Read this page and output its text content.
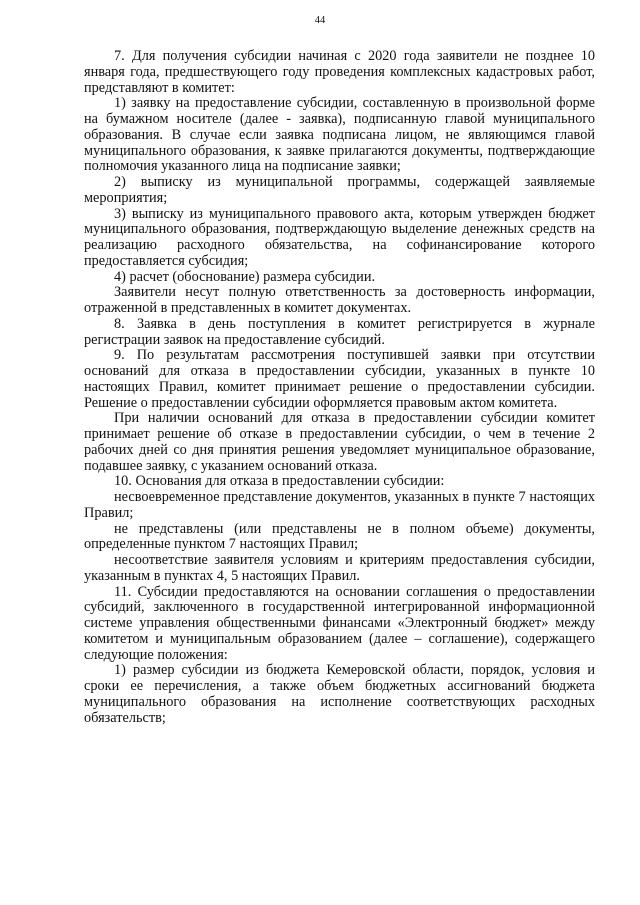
44

7. Для получения субсидии начиная с 2020 года заявители не позднее 10 января года, предшествующего году проведения комплексных кадастровых работ, представляют в комитет:

1) заявку на предоставление субсидии, составленную в произвольной форме на бумажном носителе (далее - заявка), подписанную главой муниципального образования. В случае если заявка подписана лицом, не являющимся главой муниципального образования, к заявке прилагаются документы, подтверждающие полномочия указанного лица на подписание заявки;

2) выписку из муниципальной программы, содержащей заявляемые мероприятия;

3) выписку из муниципального правового акта, которым утвержден бюджет муниципального образования, подтверждающую выделение денежных средств на реализацию расходного обязательства, на софинансирование которого предоставляется субсидия;

4) расчет (обоснование) размера субсидии.

Заявители несут полную ответственность за достоверность информации, отраженной в представленных в комитет документах.

8. Заявка в день поступления в комитет регистрируется в журнале регистрации заявок на предоставление субсидий.

9. По результатам рассмотрения поступившей заявки при отсутствии оснований для отказа в предоставлении субсидии, указанных в пункте 10 настоящих Правил, комитет принимает решение о предоставлении субсидии. Решение о предоставлении субсидии оформляется правовым актом комитета.

При наличии оснований для отказа в предоставлении субсидии комитет принимает решение об отказе в предоставлении субсидии, о чем в течение 2 рабочих дней со дня принятия решения уведомляет муниципальное образование, подавшее заявку, с указанием оснований отказа.

10. Основания для отказа в предоставлении субсидии:

несвоевременное представление документов, указанных в пункте 7 настоящих Правил;

не представлены (или представлены не в полном объеме) документы, определенные пунктом 7 настоящих Правил;

несоответствие заявителя условиям и критериям предоставления субсидии, указанным в пунктах 4, 5 настоящих Правил.

11. Субсидии предоставляются на основании соглашения о предоставлении субсидий, заключенного в государственной интегрированной информационной системе управления общественными финансами «Электронный бюджет» между комитетом и муниципальным образованием (далее – соглашение), содержащего следующие положения:

1) размер субсидии из бюджета Кемеровской области, порядок, условия и сроки ее перечисления, а также объем бюджетных ассигнований бюджета муниципального образования на исполнение соответствующих расходных обязательств;
